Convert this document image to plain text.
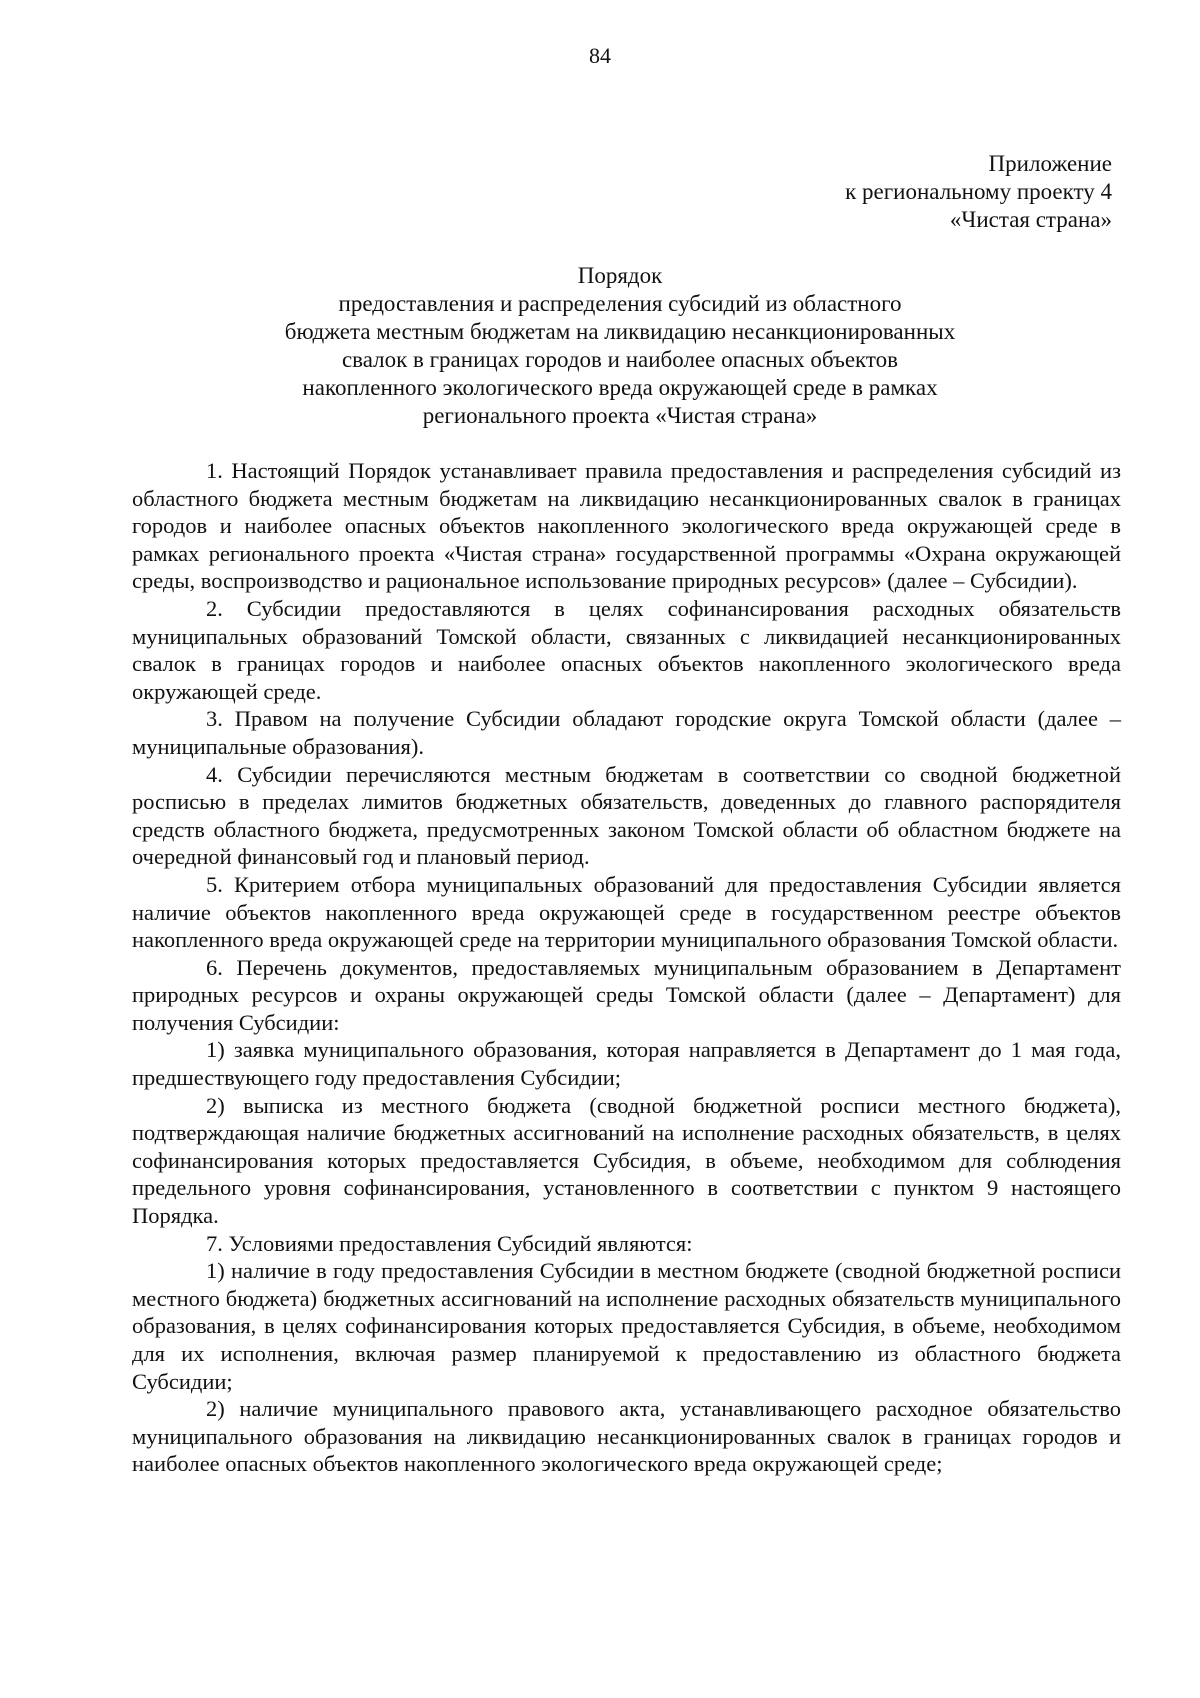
84
Приложение
к региональному проекту 4
«Чистая страна»
Порядок
предоставления и распределения субсидий из областного
бюджета местным бюджетам на ликвидацию несанкционированных
свалок в границах городов и наиболее опасных объектов
накопленного экологического вреда окружающей среде в рамках
регионального проекта «Чистая страна»

1. Настоящий Порядок устанавливает правила предоставления и распределения субсидий из областного бюджета местным бюджетам на ликвидацию несанкционированных свалок в границах городов и наиболее опасных объектов накопленного экологического вреда окружающей среде в рамках регионального проекта «Чистая страна» государственной программы «Охрана окружающей среды, воспроизводство и рациональное использование природных ресурсов» (далее – Субсидии).

2. Субсидии предоставляются в целях софинансирования расходных обязательств муниципальных образований Томской области, связанных с ликвидацией несанкционированных свалок в границах городов и наиболее опасных объектов накопленного экологического вреда окружающей среде.

3. Правом на получение Субсидии обладают городские округа Томской области (далее – муниципальные образования).

4. Субсидии перечисляются местным бюджетам в соответствии со сводной бюджетной росписью в пределах лимитов бюджетных обязательств, доведенных до главного распорядителя средств областного бюджета, предусмотренных законом Томской области об областном бюджете на очередной финансовый год и плановый период.

5. Критерием отбора муниципальных образований для предоставления Субсидии является наличие объектов накопленного вреда окружающей среде в государственном реестре объектов накопленного вреда окружающей среде на территории муниципального образования Томской области.

6. Перечень документов, предоставляемых муниципальным образованием в Департамент природных ресурсов и охраны окружающей среды Томской области (далее – Департамент) для получения Субсидии:

1) заявка муниципального образования, которая направляется в Департамент до 1 мая года, предшествующего году предоставления Субсидии;

2) выписка из местного бюджета (сводной бюджетной росписи местного бюджета), подтверждающая наличие бюджетных ассигнований на исполнение расходных обязательств, в целях софинансирования которых предоставляется Субсидия, в объеме, необходимом для соблюдения предельного уровня софинансирования, установленного в соответствии с пунктом 9 настоящего Порядка.

7. Условиями предоставления Субсидий являются:

1) наличие в году предоставления Субсидии в местном бюджете (сводной бюджетной росписи местного бюджета) бюджетных ассигнований на исполнение расходных обязательств муниципального образования, в целях софинансирования которых предоставляется Субсидия, в объеме, необходимом для их исполнения, включая размер планируемой к предоставлению из областного бюджета Субсидии;

2) наличие муниципального правового акта, устанавливающего расходное обязательство муниципального образования на ликвидацию несанкционированных свалок в границах городов и наиболее опасных объектов накопленного экологического вреда окружающей среде;
